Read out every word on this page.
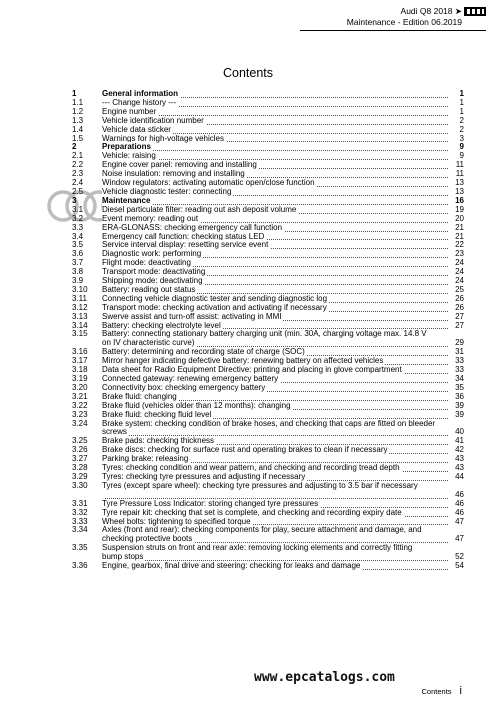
Audi Q8 2018 ➤
Maintenance - Edition 06.2019
Contents
1	General information	1
1.1	--- Change history ---	1
1.2	Engine number	1
1.3	Vehicle identification number	2
1.4	Vehicle data sticker	2
1.5	Warnings for high-voltage vehicles	3
2	Preparations	9
2.1	Vehicle: raising	9
2.2	Engine cover panel: removing and installing	11
2.3	Noise insulation: removing and installing	11
2.4	Window regulators: activating automatic open/close function	13
2.5	Vehicle diagnostic tester: connecting	13
3	Maintenance	16
3.1	Diesel particulate filter: reading out ash deposit volume	19
3.2	Event memory: reading out	20
3.3	ERA-GLONASS: checking emergency call function	21
3.4	Emergency call function: checking status LED	21
3.5	Service interval display: resetting service event	22
3.6	Diagnostic work: performing	23
3.7	Flight mode: deactivating	24
3.8	Transport mode: deactivating	24
3.9	Shipping mode: deactivating	24
3.10	Battery: reading out status	25
3.11	Connecting vehicle diagnostic tester and sending diagnostic log	26
3.12	Transport mode: checking activation and activating if necessary	26
3.13	Swerve assist and turn-off assist: activating in MMI	27
3.14	Battery: checking electrolyte level	27
3.15	Battery: connecting stationary battery charging unit (min. 30A, charging voltage max. 14.8 V
on IV characteristic curve)	29
3.16	Battery: determining and recording state of charge (SOC)	31
3.17	Mirror hanger indicating defective battery: renewing battery on affected vehicles	33
3.18	Data sheet for Radio Equipment Directive: printing and placing in glove compartment	33
3.19	Connected gateway: renewing emergency battery	34
3.20	Connectivity box: checking emergency battery	35
3.21	Brake fluid: changing	36
3.22	Brake fluid (vehicles older than 12 months): changing	39
3.23	Brake fluid: checking fluid level	39
3.24	Brake system: checking condition of brake hoses, and checking that caps are fitted on bleeder
screws	40
3.25	Brake pads: checking thickness	41
3.26	Brake discs: checking for surface rust and operating brakes to clean if necessary	42
3.27	Parking brake: releasing	43
3.28	Tyres: checking condition and wear pattern, and checking and recording tread depth	43
3.29	Tyres: checking tyre pressures and adjusting if necessary	44
3.30	Tyres (except spare wheel): checking tyre pressures and adjusting to 3.5 bar if necessary
46
3.31	Tyre Pressure Loss Indicator: storing changed tyre pressures	46
3.32	Tyre repair kit: checking that set is complete, and checking and recording expiry date	46
3.33	Wheel bolts: tightening to specified torque	47
3.34	Axles (front and rear): checking components for play, secure attachment and damage, and
checking protective boots	47
3.35	Suspension struts on front and rear axle: removing locking elements and correctly fitting
bump stops	52
3.36	Engine, gearbox, final drive and steering: checking for leaks and damage	54
Contents i
www.epcatalogs.com
